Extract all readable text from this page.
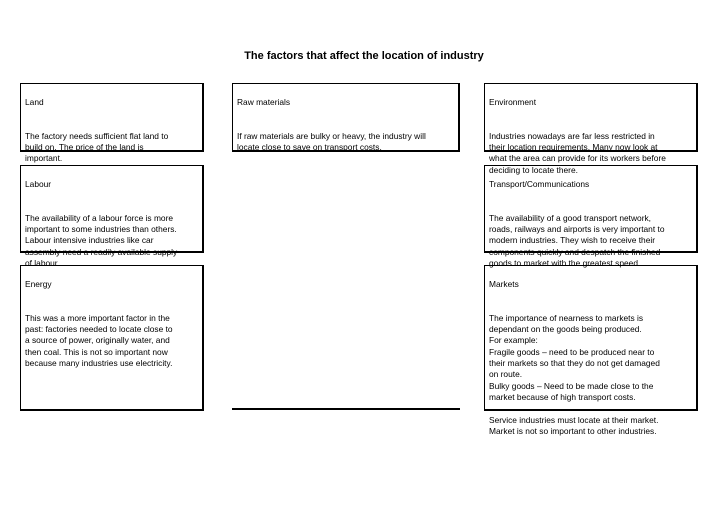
The factors that affect the location of industry

Land

The factory needs sufficient flat land to
build on. The price of the land is
important.

Raw materials

If raw materials are bulky or heavy, the industry will
locate close to save on transport costs.

Environment

Industries nowadays are far less restricted in
their location requirements. Many now look at
what the area can provide for its workers before
deciding to locate there.

Labour

The availability of a labour force is more
important to some industries than others.
Labour intensive industries like car
assembly need a readily available supply
of labour.

Transport/Communications

The availability of a good transport network,
roads, railways and airports is very important to
modern industries. They wish to receive their
components quickly and despatch the finished
goods to market with the greatest speed.

Energy

This was a more important factor in the
past: factories needed to locate close to
a source of power, originally water, and
then coal. This is not so important now
because many industries use electricity.

Markets

The importance of nearness to markets is
dependant on the goods being produced.
For example:
Fragile goods – need to be produced near to
their markets so that they do not get damaged
on route.
Bulky goods – Need to be made close to the
market because of high transport costs.

Service industries must locate at their market.
Market is not so important to other industries.
